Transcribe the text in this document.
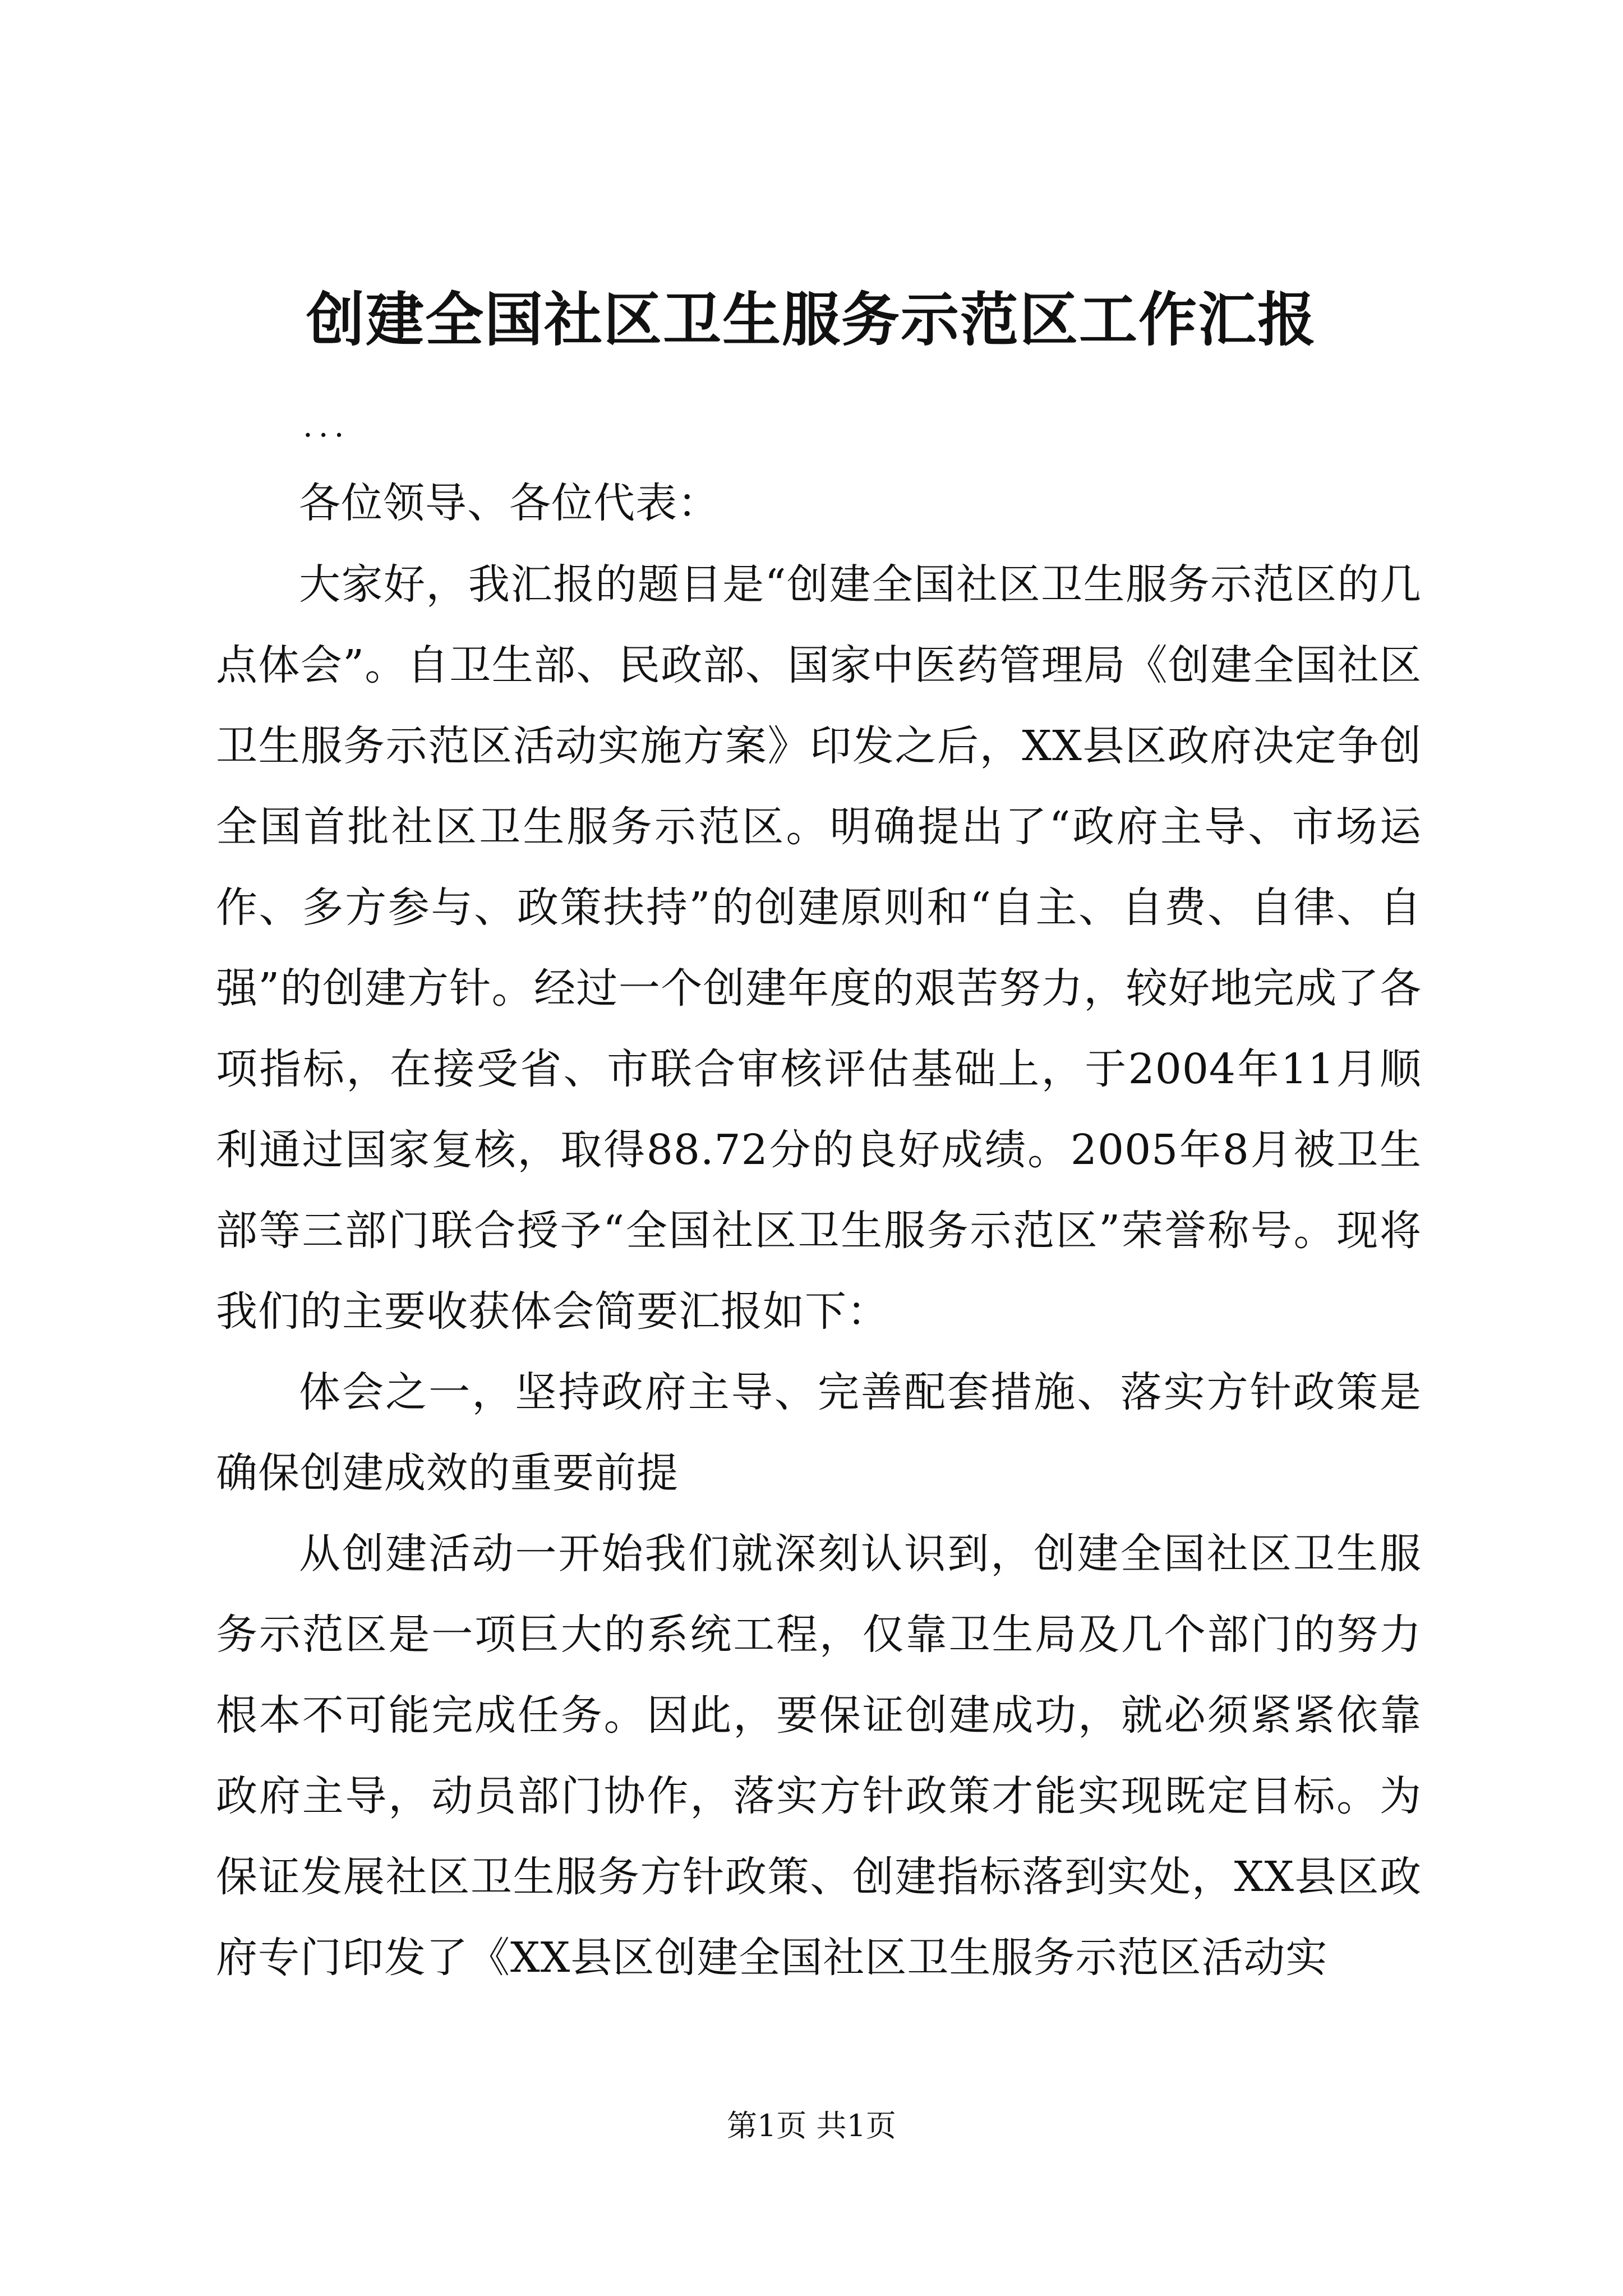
创建全国社区卫生服务示范区工作汇报
...

各位领导、各位代表：

大家好，我汇报的题目是“创建全国社区卫生服务示范区的几点体会”。自卫生部、民政部、国家中医药管理局《创建全国社区卫生服务示范区活动实施方案》印发之后，XX县区政府决定争创全国首批社区卫生服务示范区。明确提出了“政府主导、市场运作、多方参与、政策扶持”的创建原则和“自主、自费、自律、自强”的创建方针。经过一个创建年度的艰苦努力，较好地完成了各项指标，在接受省、市联合审核评估基础上，于2004年11月顺利通过国家复核，取得88.72分的良好成绩。2005年8月被卫生部等三部门联合授予“全国社区卫生服务示范区”荣誉称号。现将我们的主要收获体会简要汇报如下：

体会之一，坚持政府主导、完善配套措施、落实方针政策是确保创建成效的重要前提

从创建活动一开始我们就深刻认识到，创建全国社区卫生服务示范区是一项巨大的系统工程，仅靠卫生局及几个部门的努力根本不可能完成任务。因此，要保证创建成功，就必须紧紧依靠政府主导，动员部门协作，落实方针政策才能实现既定目标。为保证发展社区卫生服务方针政策、创建指标落到实处，XX县区政府专门印发了《XX县区创建全国社区卫生服务示范区活动实

第1页 共1页
